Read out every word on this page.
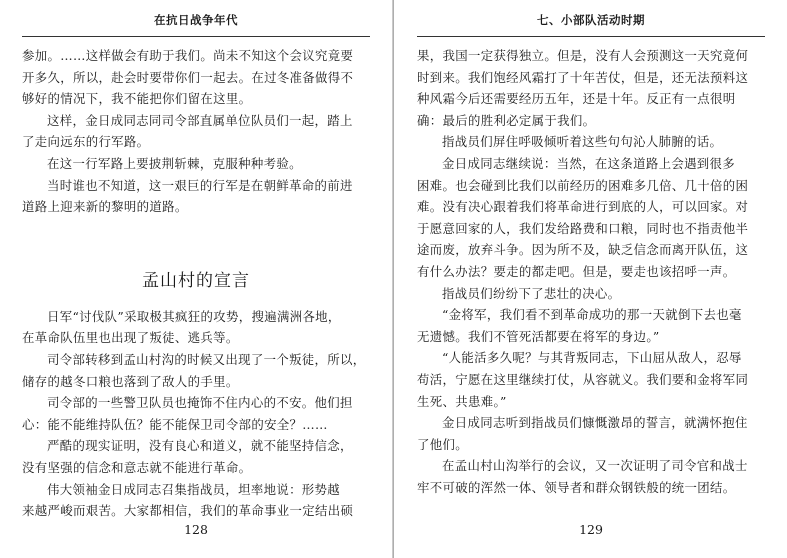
在抗日战争年代
参加。……这样做会有助于我们。尚未不知这个会议究竟要
开多久，所以，赴会时要带你们一起去。在过冬准备做得不
够好的情况下，我不能把你们留在这里。
这样，金日成同志同司令部直属单位队员们一起，踏上
了走向远东的行军路。
在这一行军路上要披荆斩棘，克服种种考验。
当时谁也不知道，这一艰巨的行军是在朝鲜革命的前进
道路上迎来新的黎明的道路。
孟山村的宣言
日军“讨伐队”采取极其疯狂的攻势，搜遍满洲各地，
在革命队伍里也出现了叛徒、逃兵等。
司令部转移到孟山村沟的时候又出现了一个叛徒，所以，
储存的越冬口粮也落到了敌人的手里。
司令部的一些警卫队员也掩饰不住内心的不安。他们担
心：能不能维持队伍？能不能保卫司令部的安全？……
严酷的现实证明，没有良心和道义，就不能坚持信念，
没有坚强的信念和意志就不能进行革命。
伟大领袖金日成同志召集指战员，坦率地说：形势越
来越严峻而艰苦。大家都相信，我们的革命事业一定结出硕
128
七、小部队活动时期
果，我国一定获得独立。但是，没有人会预测这一天究竟何
时到来。我们饱经风霜打了十年苦仗，但是，还无法预料这
种风霜今后还需要经历五年，还是十年。反正有一点很明
确：最后的胜利必定属于我们。
指战员们屏住呼吸倾听着这些句句沁人肺腑的话。
金日成同志继续说：当然，在这条道路上会遇到很多
困难。也会碰到比我们以前经历的困难多几倍、几十倍的困
难。没有决心跟着我们将革命进行到底的人，可以回家。对
于愿意回家的人，我们发给路费和口粮，同时也不指责他半
途而废，放弃斗争。因为所不及，缺乏信念而离开队伍，这
有什么办法？要走的都走吧。但是，要走也该招呼一声。
指战员们纷纷下了悲壮的决心。
“金将军，我们看不到革命成功的那一天就倒下去也毫
无遗憾。我们不管死活都要在将军的身边。”
“人能活多久呢？与其背叛同志，下山屈从敌人，忍辱
苟活，宁愿在这里继续打仗，从容就义。我们要和金将军同
生死、共患难。”
金日成同志听到指战员们慷慨激昂的誓言，就满怀抱住
了他们。
在孟山村山沟举行的会议，又一次证明了司令官和战士
牢不可破的浑然一体、领导者和群众钢铁般的统一团结。
129
